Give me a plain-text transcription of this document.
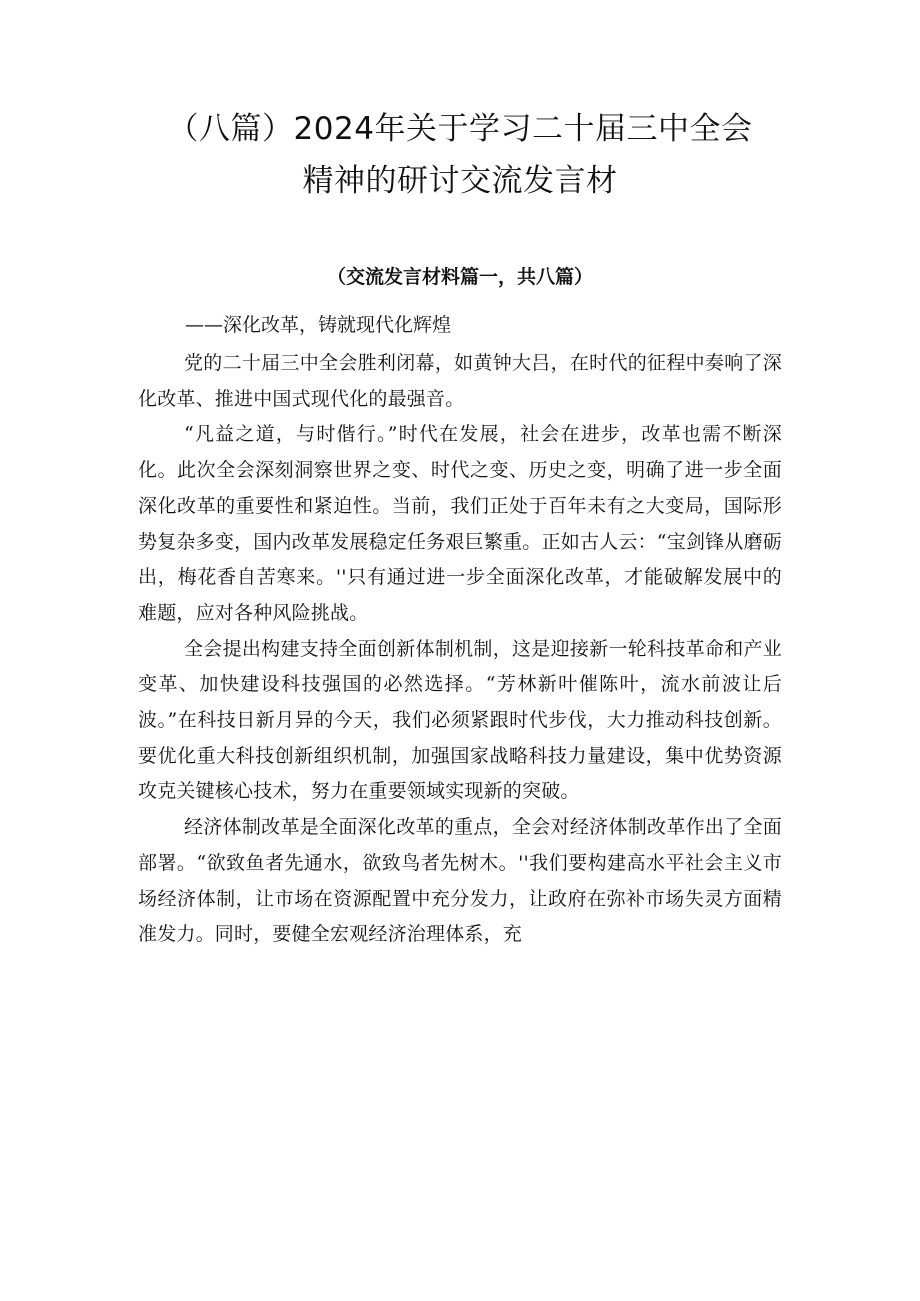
（八篇）2024年关于学习二十届三中全会
精神的研讨交流发言材
（交流发言材料篇一，共八篇）
——深化改革，铸就现代化辉煌

党的二十届三中全会胜利闭幕，如黄钟大吕，在时代的征程中奏响了深化改革、推进中国式现代化的最强音。

“凡益之道，与时偕行。”时代在发展，社会在进步，改革也需不断深化。此次全会深刻洞察世界之变、时代之变、历史之变，明确了进一步全面深化改革的重要性和紧迫性。当前，我们正处于百年未有之大变局，国际形势复杂多变，国内改革发展稳定任务艰巨繁重。正如古人云：“宝剑锋从磨砺出，梅花香自苦寒来。''只有通过进一步全面深化改革，才能破解发展中的难题，应对各种风险挑战。

全会提出构建支持全面创新体制机制，这是迎接新一轮科技革命和产业变革、加快建设科技强国的必然选择。“芳林新叶催陈叶，流水前波让后波。”在科技日新月异的今天，我们必须紧跟时代步伐，大力推动科技创新。要优化重大科技创新组织机制，加强国家战略科技力量建设，集中优势资源攻克关键核心技术，努力在重要领域实现新的突破。

经济体制改革是全面深化改革的重点，全会对经济体制改革作出了全面部署。“欲致鱼者先通水，欲致鸟者先树木。''我们要构建高水平社会主义市场经济体制，让市场在资源配置中充分发力，让政府在弥补市场失灵方面精准发力。同时，要健全宏观经济治理体系，充
